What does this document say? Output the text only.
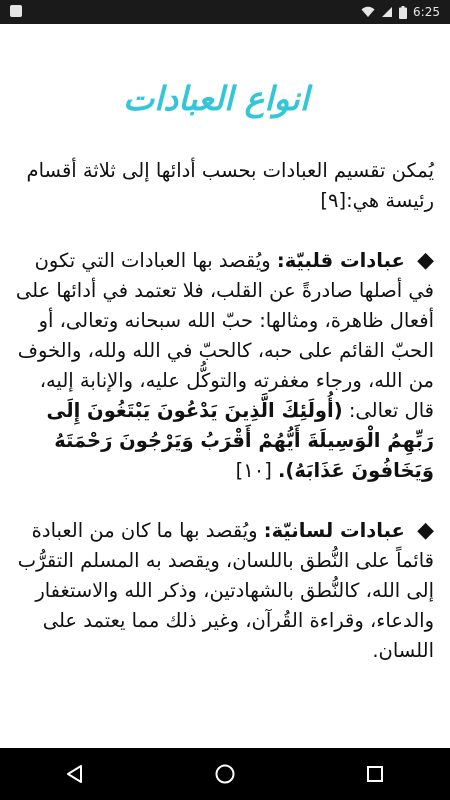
6:25
انواع العبادات

يُمكن تقسيم العبادات بحسب أدائها إلى ثلاثة أقسام رئيسة هي:[٩]

◆ عبادات قلبيّة: ويُقصد بها العبادات التي تكون في أصلها صادرةً عن القلب، فلا تعتمد في أدائها على أفعال ظاهرة، ومثالها: حبّ الله سبحانه وتعالى، أو الحبّ القائم على حبه، كالحبّ في الله ولله، والخوف من الله، ورجاء مغفرته والتوكُّل عليه، والإنابة إليه، قال تعالى: (أُولَئِكَ الَّذِينَ يَدْعُونَ يَبْتَغُونَ إِلَى رَبِّهِمُ الْوَسِيلَةَ أَيُّهُمْ أَقْرَبُ وَيَرْجُونَ رَحْمَتَهُ وَيَخَافُونَ عَذَابَهُ). [١٠]

◆ عبادات لسانيّة: ويُقصد بها ما كان من العبادة قائماً على النُّطق باللسان، ويقصد به المسلم التقرُّب إلى الله، كالنُّطق بالشهادتين، وذكر الله والاستغفار والدعاء، وقراءة القُرآن، وغير ذلك مما يعتمد على اللسان.
